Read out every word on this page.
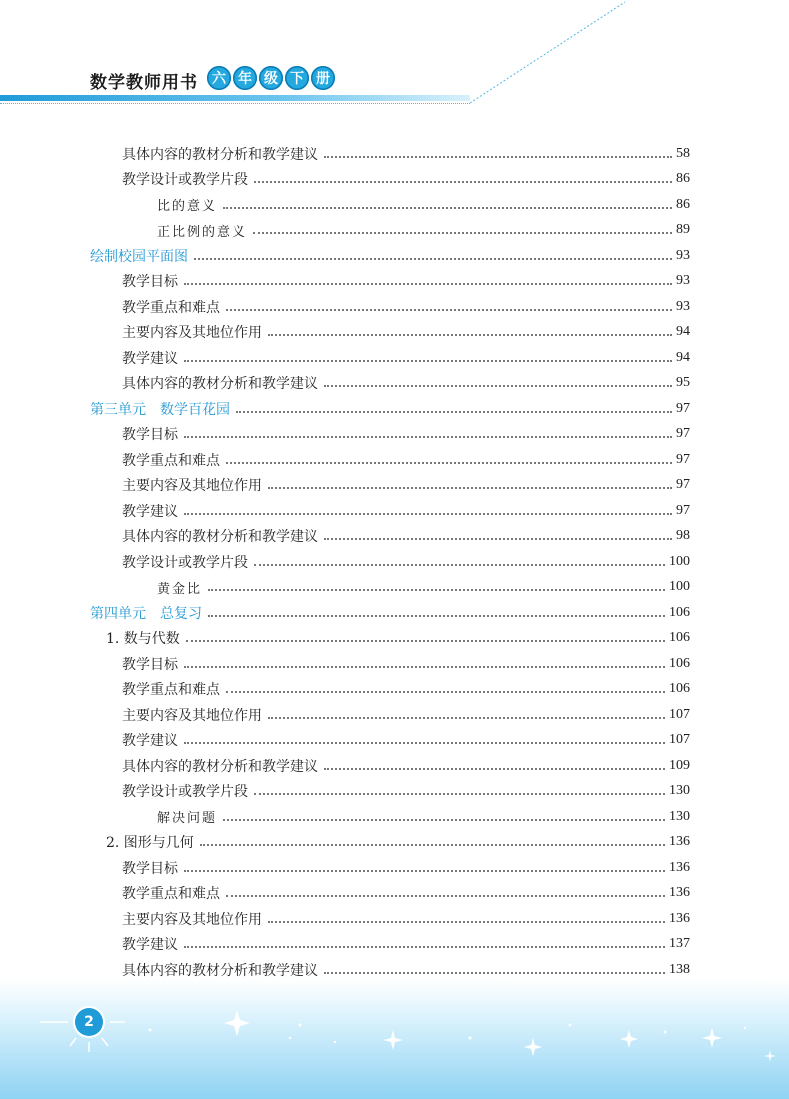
数学教师用书	六 年 级 下 册
具体内容的教材分析和教学建议	58
教学设计或教学片段	86
比的意义	86
正比例的意义	89
绘制校园平面图	93
教学目标	93
教学重点和难点	93
主要内容及其地位作用	94
教学建议	94
具体内容的教材分析和教学建议	95
第三单元　数学百花园	97
教学目标	97
教学重点和难点	97
主要内容及其地位作用	97
教学建议	97
具体内容的教材分析和教学建议	98
教学设计或教学片段	100
黄金比	100
第四单元　总复习	106
1. 数与代数	106
教学目标	106
教学重点和难点	106
主要内容及其地位作用	107
教学建议	107
具体内容的教材分析和教学建议	109
教学设计或教学片段	130
解决问题	130
2. 图形与几何	136
教学目标	136
教学重点和难点	136
主要内容及其地位作用	136
教学建议	137
具体内容的教材分析和教学建议	138
2
